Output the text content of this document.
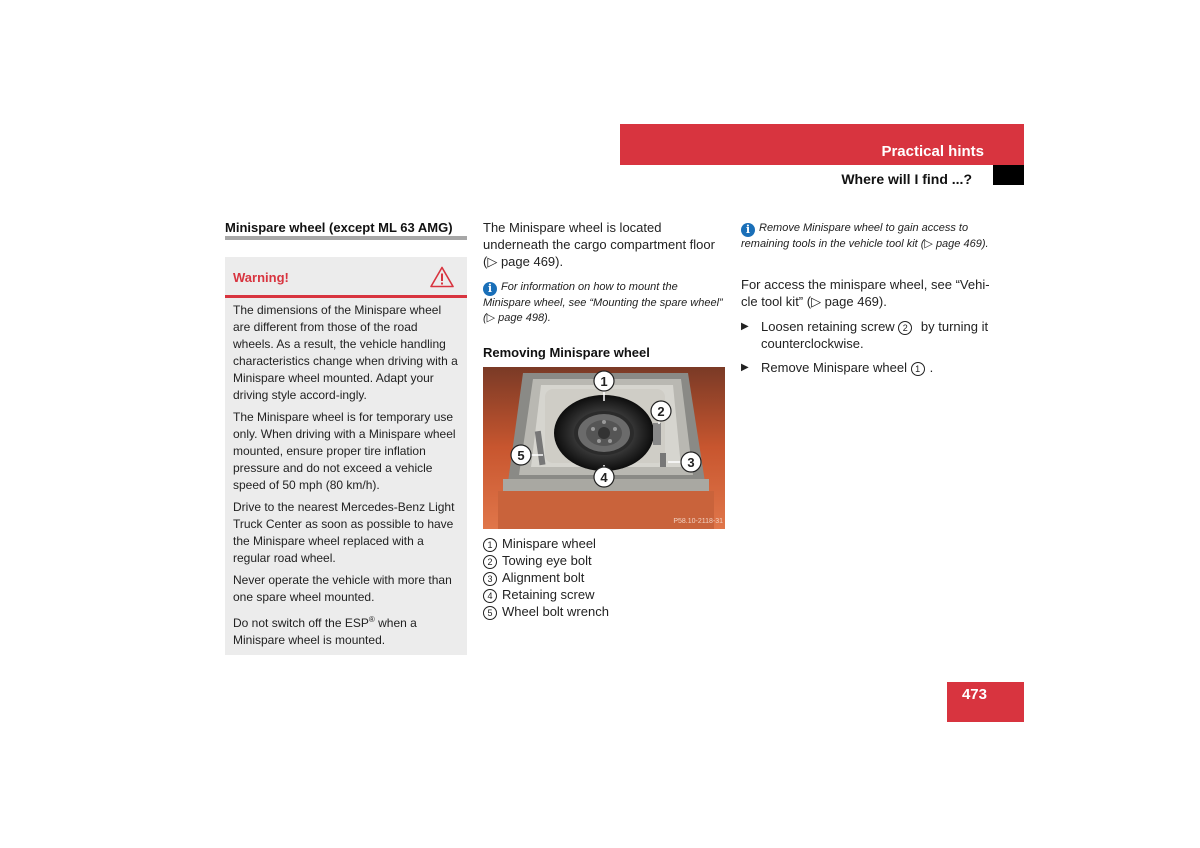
Practical hints
Where will I find ...?
Minispare wheel (except ML 63 AMG)
Warning!

The dimensions of the Minispare wheel are different from those of the road wheels. As a result, the vehicle handling characteristics change when driving with a Minispare wheel mounted. Adapt your driving style accord-ingly.

The Minispare wheel is for temporary use only. When driving with a Minispare wheel mounted, ensure proper tire inflation pressure and do not exceed a vehicle speed of 50 mph (80 km/h).

Drive to the nearest Mercedes-Benz Light Truck Center as soon as possible to have the Minispare wheel replaced with a regular road wheel.

Never operate the vehicle with more than one spare wheel mounted.

Do not switch off the ESP® when a Minispare wheel is mounted.

The Minispare wheel is located underneath the cargo compartment floor (▷ page 469).
i For information on how to mount the Minispare wheel, see “Mounting the spare wheel” (▷ page 498).
Removing Minispare wheel
1
2
3
4
5
P58.10-2118-31
1 Minispare wheel
2 Towing eye bolt
3 Alignment bolt
4 Retaining screw
5 Wheel bolt wrench
i Remove Minispare wheel to gain access to remaining tools in the vehicle tool kit (▷ page 469).
For access the minispare wheel, see “Vehi-cle tool kit” (▷ page 469).
▶ Loosen retaining screw 2 by turning it counterclockwise.
▶ Remove Minispare wheel 1 .
473
